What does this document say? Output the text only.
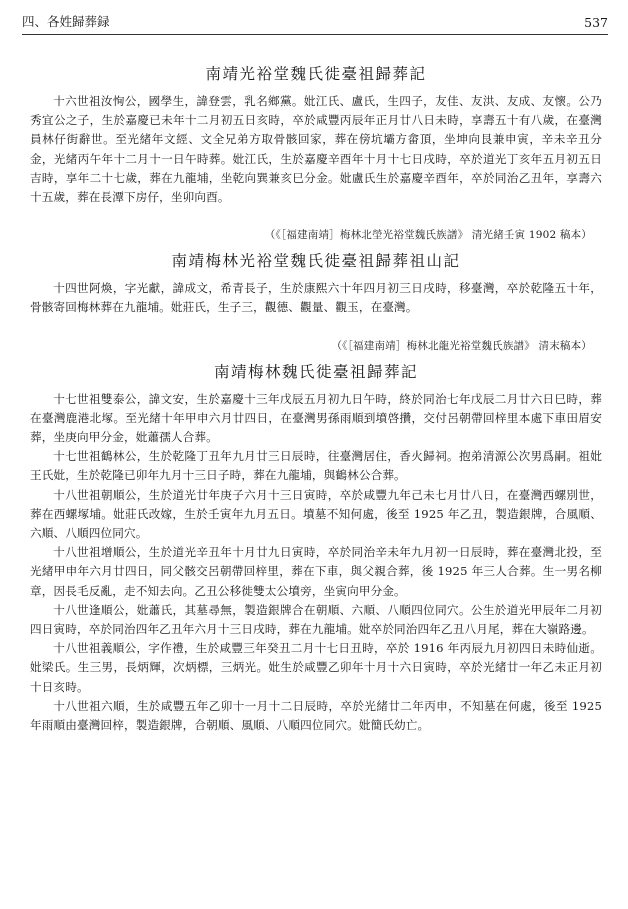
四、各姓歸葬録	537
南靖光裕堂魏氏徙臺祖歸葬記

十六世祖汝恂公，國學生，諱登雲，乳名鄉黨。妣江氏、盧氏，生四子，友佳、友洪、友成、友懷。公乃秀宜公之子，生於嘉慶已未年十二月初五日亥時，卒於咸豐丙辰年正月廿八日未時，享壽五十有八歲，在臺灣員林仔街辭世。至光緒年文經、文全兄弟方取骨骸回家，葬在傍坑壩方畲頂，坐坤向艮兼申寅，辛未辛丑分金，光緒丙午年十二月十一日午時葬。妣江氏，生於嘉慶辛酉年十月十七日戌時，卒於道光丁亥年五月初五日吉時，享年二十七歲，葬在九龍埔，坐乾向巽兼亥巳分金。妣盧氏生於嘉慶辛酉年，卒於同治乙丑年，享壽六十五歲，葬在長潭下房仔，坐卯向酉。

（《［福建南靖］梅林北塋光裕堂魏氏族譜》 清光緒壬寅 1902 稿本）
南靖梅林光裕堂魏氏徙臺祖歸葬祖山記

十四世阿煥，字光獻，諱成文，希青長子，生於康熙六十年四月初三日戌時，移臺灣，卒於乾隆五十年，骨骸寄回梅林葬在九龍埔。妣莊氏，生子三，觀德、觀量、觀玉，在臺灣。

（《［福建南靖］梅林北龍光裕堂魏氏族譜》 清末稿本）
南靖梅林魏氏徙臺祖歸葬記

十七世祖雙泰公，諱文安，生於嘉慶十三年戊辰五月初九日午時，終於同治七年戊辰二月廿六日巳時，葬在臺灣鹿港北塚。至光緒十年甲申六月廿四日，在臺灣男孫雨順到墳啓攢，交付呂朝帶回梓里本處下車田眉安葬，坐庚向甲分金，妣蕭孺人合葬。

十七世祖鶴林公，生於乾隆丁丑年九月廿三日辰時，往臺灣居住，香火歸祠。抱弟清源公次男爲嗣。祖妣王氏妣，生於乾隆已卯年九月十三日子時，葬在九龍埔，與鶴林公合葬。

十八世祖朝順公，生於道光廿年庚子六月十三日寅時，卒於咸豐九年己未七月廿八日，在臺灣西螺別世，葬在西螺塚埔。妣莊氏改嫁，生於壬寅年九月五日。墳墓不知何處，後至 1925 年乙丑，製造銀牌，合風順、六順、八順四位同穴。

十八世祖增順公，生於道光辛丑年十月廿九日寅時，卒於同治辛未年九月初一日辰時，葬在臺灣北投，至光緒甲申年六月廿四日，同父骸交呂朝帶回梓里，葬在下車，與父親合葬，後 1925 年三人合葬。生一男名柳章，因長毛反亂，走不知去向。乙丑公移徙雙太公墳旁，坐寅向甲分金。

十八世逢順公，妣蕭氏，其墓尋無，製造銀牌合在朝順、六順、八順四位同穴。公生於道光甲辰年二月初四日寅時，卒於同治四年乙丑年六月十三日戌時，葬在九龍埔。妣卒於同治四年乙丑八月尾，葬在大嶺路邊。

十八世祖義順公，字作禮，生於咸豐三年癸丑二月十七日丑時，卒於 1916 年丙辰九月初四日未時仙逝。妣梁氏。生三男，長炳輝，次炳標，三炳光。妣生於咸豐乙卯年十月十六日寅時，卒於光緒廿一年乙未正月初十日亥時。

十八世祖六順，生於咸豐五年乙卯十一月十二日辰時，卒於光緒廿二年丙申，不知墓在何處，後至 1925 年雨順由臺灣回梓，製造銀牌，合朝順、風順、八順四位同穴。妣簡氏幼亡。
